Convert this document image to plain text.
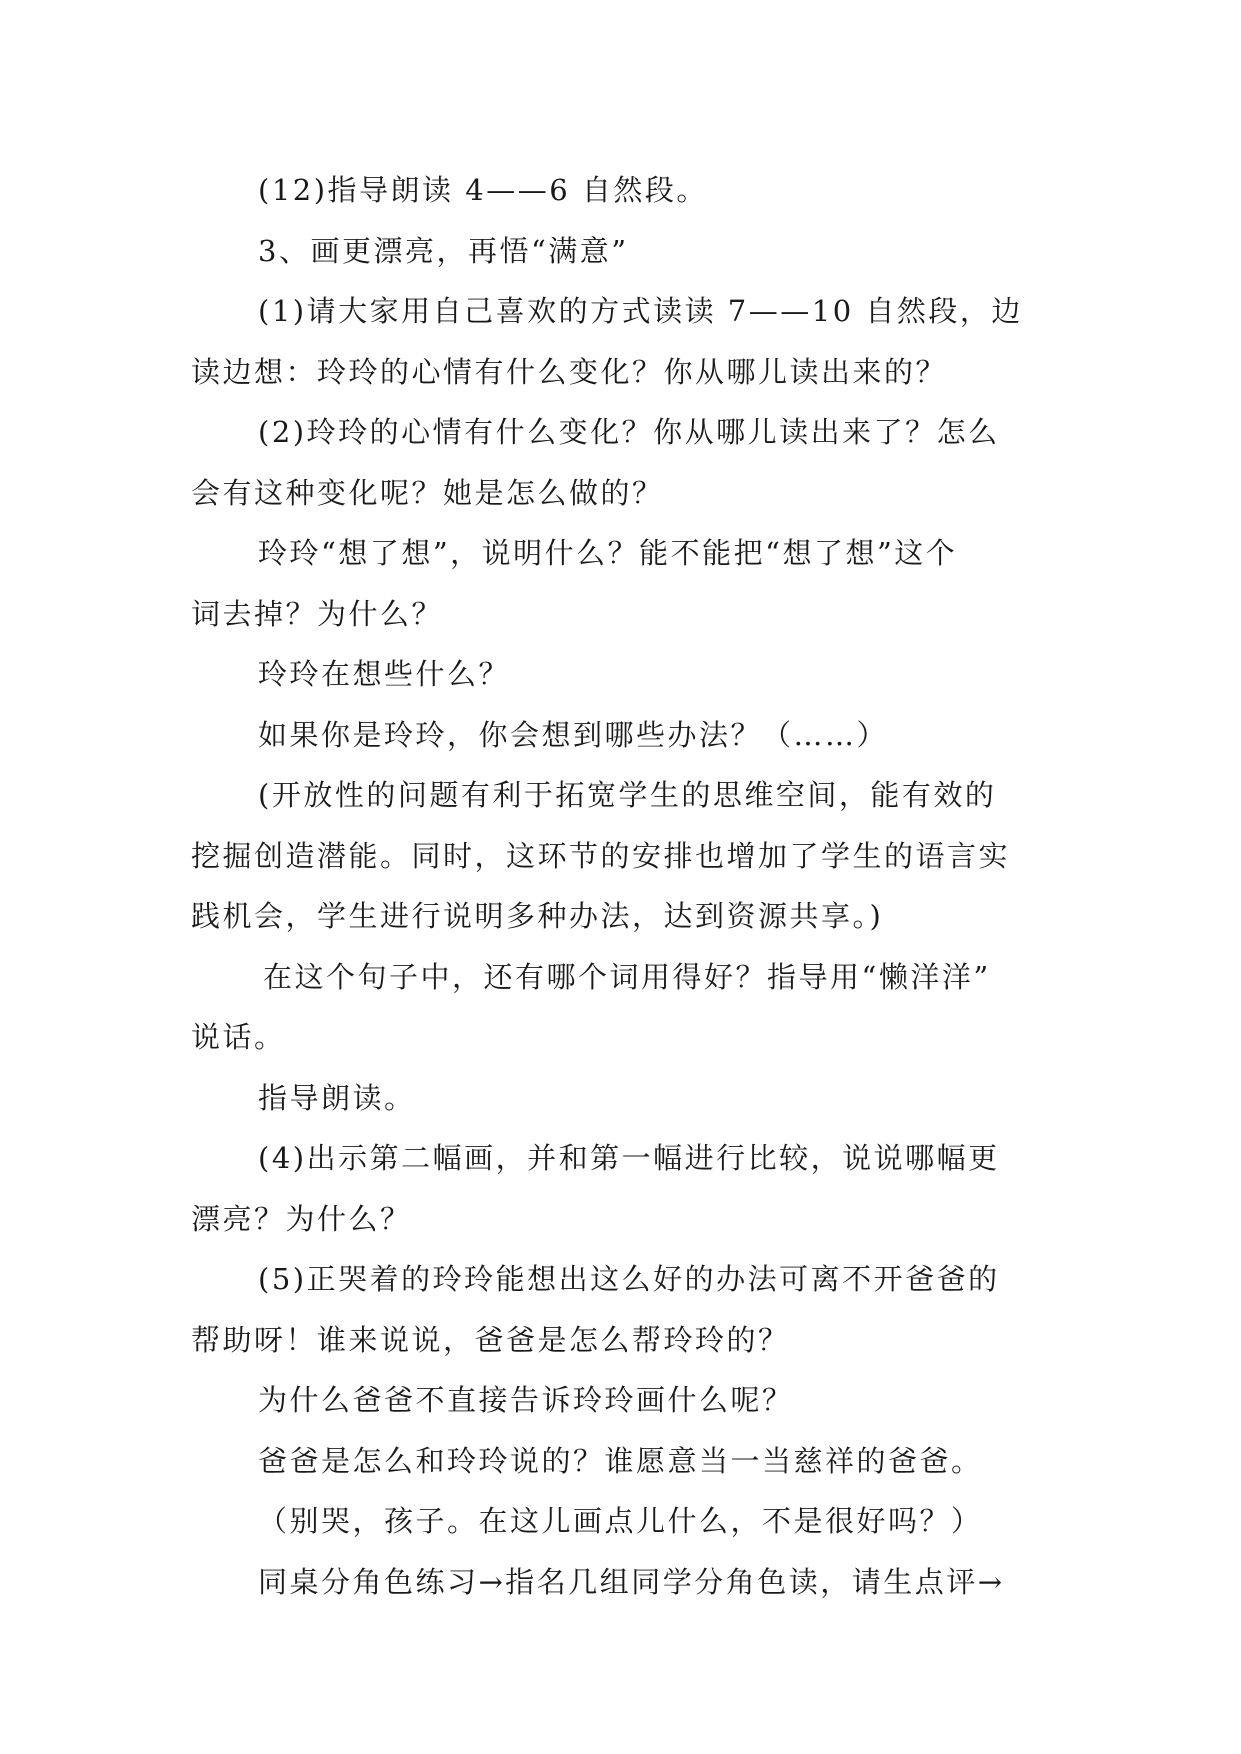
(12)指导朗读 4——6 自然段。
3、画更漂亮，再悟“满意”
(1)请大家用自己喜欢的方式读读 7——10 自然段，边
读边想：玲玲的心情有什么变化？你从哪儿读出来的？
(2)玲玲的心情有什么变化？你从哪儿读出来了？怎么
会有这种变化呢？她是怎么做的？
玲玲“想了想”，说明什么？能不能把“想了想”这个
词去掉？为什么？
玲玲在想些什么？
如果你是玲玲，你会想到哪些办法？（……）
(开放性的问题有利于拓宽学生的思维空间，能有效的
挖掘创造潜能。同时，这环节的安排也增加了学生的语言实
践机会，学生进行说明多种办法，达到资源共享。)
在这个句子中，还有哪个词用得好？指导用“懒洋洋”
说话。
指导朗读。
(4)出示第二幅画，并和第一幅进行比较，说说哪幅更
漂亮？为什么？
(5)正哭着的玲玲能想出这么好的办法可离不开爸爸的
帮助呀！谁来说说，爸爸是怎么帮玲玲的？
为什么爸爸不直接告诉玲玲画什么呢？
爸爸是怎么和玲玲说的？谁愿意当一当慈祥的爸爸。
（别哭，孩子。在这儿画点儿什么，不是很好吗？）
同桌分角色练习→指名几组同学分角色读，请生点评→
